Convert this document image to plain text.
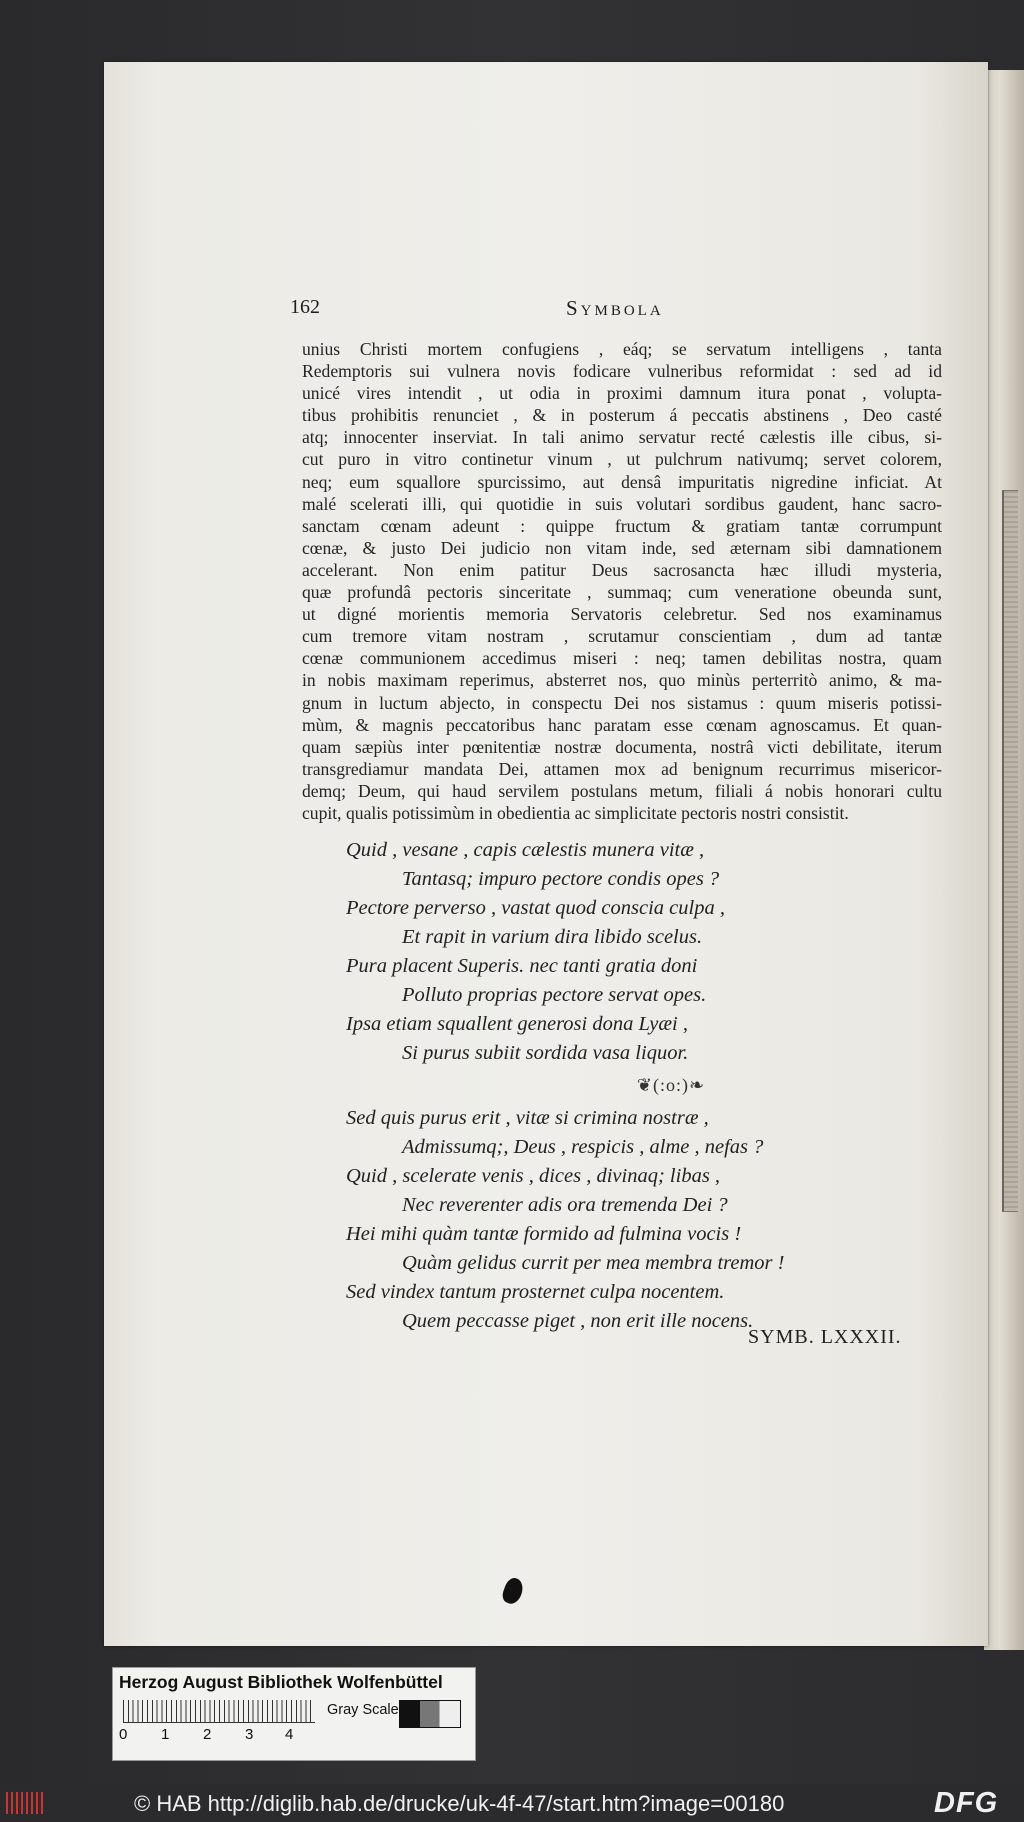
162	Symbola
unius Christi mortem confugiens , eáq; se servatum intelligens , tanta
Redemptoris sui vulnera novis fodicare vulneribus reformidat : sed ad id
unicé vires intendit , ut odia in proximi damnum itura ponat , volupta-
tibus prohibitis renunciet , & in posterum á peccatis abstinens , Deo casté
atq; innocenter inserviat. In tali animo servatur recté cælestis ille cibus, si-
cut puro in vitro continetur vinum , ut pulchrum nativumq; servet colorem,
neq; eum squallore spurcissimo, aut densâ impuritatis nigredine inficiat. At
malé scelerati illi, qui quotidie in suis volutari sordibus gaudent, hanc sacro-
sanctam cœnam adeunt : quippe fructum & gratiam tantæ corrumpunt
cœnæ, & justo Dei judicio non vitam inde, sed æternam sibi damnationem
accelerant. Non enim patitur Deus sacrosancta hæc illudi mysteria,
quæ profundâ pectoris sinceritate , summaq; cum veneratione obeunda sunt,
ut digné morientis memoria Servatoris celebretur. Sed nos examinamus
cum tremore vitam nostram , scrutamur conscientiam , dum ad tantæ
cœnæ communionem accedimus miseri : neq; tamen debilitas nostra, quam
in nobis maximam reperimus, absterret nos, quo minùs perterritò animo, & ma-
gnum in luctum abjecto, in conspectu Dei nos sistamus : quum miseris potissi-
mùm, & magnis peccatoribus hanc paratam esse cœnam agnoscamus. Et quan-
quam sæpiùs inter pœnitentiæ nostræ documenta, nostrâ victi debilitate, iterum
transgrediamur mandata Dei, attamen mox ad benignum recurrimus misericor-
demq; Deum, qui haud servilem postulans metum, filiali á nobis honorari cultu
cupit, qualis potissimùm in obedientia ac simplicitate pectoris nostri consistit.
Quid , vesane , capis cælestis munera vitæ ,
Tantasq; impuro pectore condis opes ?
Pectore perverso , vastat quod conscia culpa ,
Et rapit in varium dira libido scelus.
Pura placent Superis. nec tanti gratia doni
Polluto proprias pectore servat opes.
Ipsa etiam squallent generosi dona Lyæi ,
Si purus subiit sordida vasa liquor.
❦(:o:)❧
Sed quis purus erit , vitæ si crimina nostræ ,
Admissumq;, Deus , respicis , alme , nefas ?
Quid , scelerate venis , dices , divinaq; libas ,
Nec reverenter adis ora tremenda Dei ?
Hei mihi quàm tantæ formido ad fulmina vocis !
Quàm gelidus currit per mea membra tremor !
Sed vindex tantum prosternet culpa nocentem.
Quem peccasse piget , non erit ille nocens.
SYMB. LXXXII.
Herzog August Bibliothek Wolfenbüttel
0 1 2 3 4
Gray Scale
© HAB http://diglib.hab.de/drucke/uk-4f-47/start.htm?image=00180	DFG
